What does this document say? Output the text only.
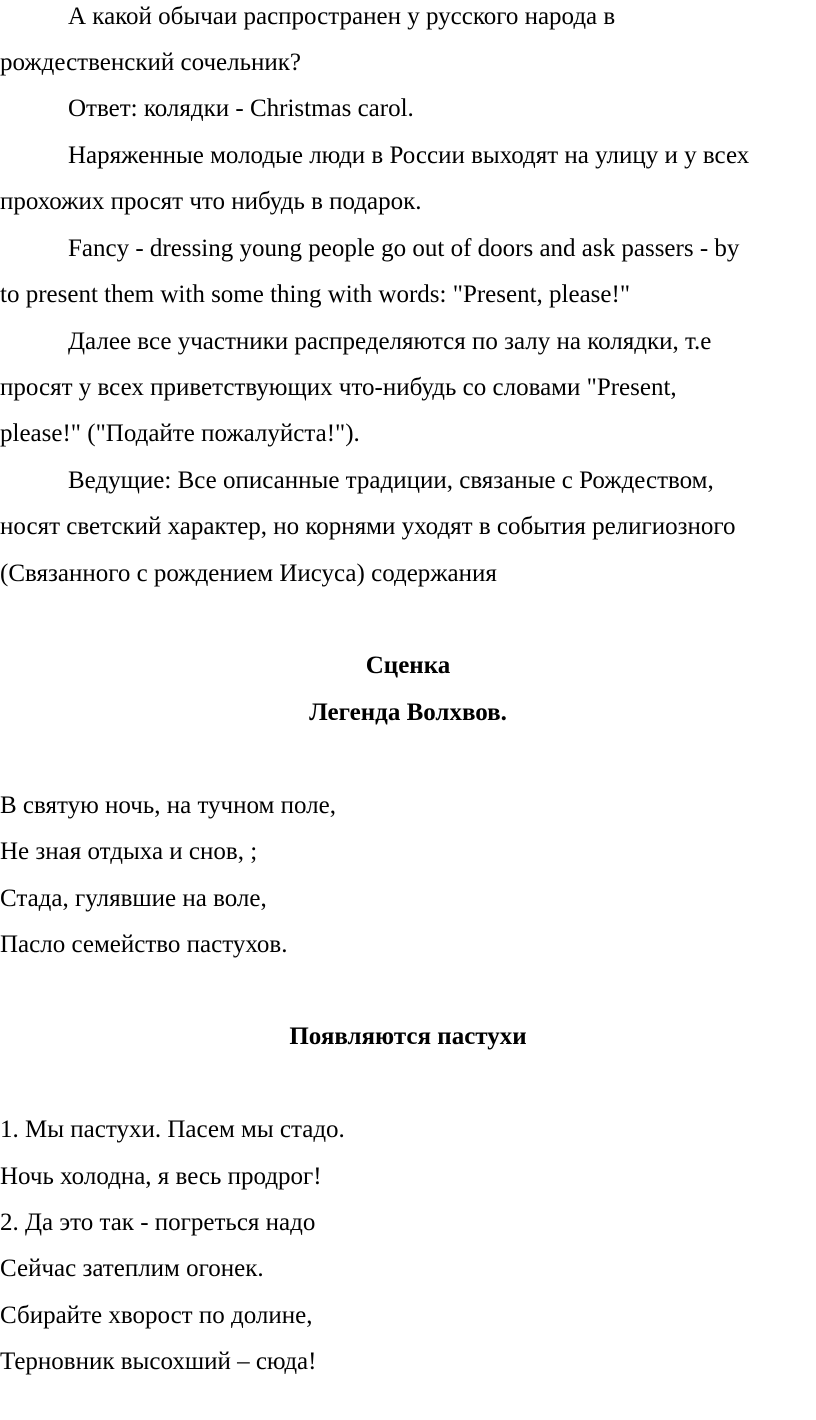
А какой обычаи распространен у русского народа в
рождественский сочельник?
Ответ: колядки - Christmas carol.
Наряженные молодые люди в России выходят на улицу и у всех
прохожих просят что нибудь в подарок.
Fancy - dressing young people go out of doors and ask passers - by
to present them with some thing with words: "Present, please!"
Далее все участники распределяются по залу на колядки, т.е
просят у всех приветствующих что-нибудь со словами "Present,
please!" ("Подайте пожалуйста!").
Ведущие: Все описанные традиции, связаные с Рождеством,
носят светский характер, но корнями уходят в события религиозного
(Связанного с рождением Иисуса) содержания
Сценка
Легенда Волхвов.
В святую ночь, на тучном поле,
Не зная отдыха и снов, ;
Стада, гулявшие на воле,
Пасло семейство пастухов.
Появляются пастухи
1. Мы пастухи. Пасем мы стадо.
Ночь холодна, я весь продрог!
2. Да это так - погреться надо
Сейчас затеплим огонек.
Сбирайте хворост по долине,
Терновник высохший – сюда!
